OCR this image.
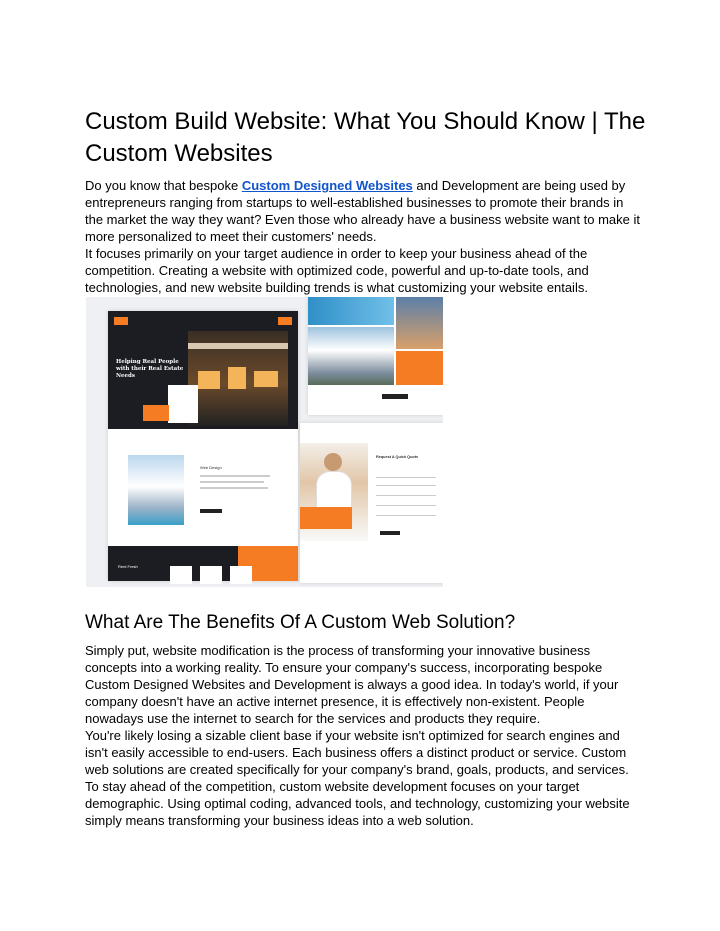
Custom Build Website: What You Should Know | The Custom Websites
Do you know that bespoke Custom Designed Websites and Development are being used by entrepreneurs ranging from startups to well-established businesses to promote their brands in the market the way they want? Even those who already have a business website want to make it more personalized to meet their customers' needs.
It focuses primarily on your target audience in order to keep your business ahead of the competition. Creating a website with optimized code, powerful and up-to-date tools, and technologies, and new website building trends is what customizing your website entails.
Helping Real People with their Real Estate Needs
Web Design
Rent Fresh
Request A Quick Quote
What Are The Benefits Of A Custom Web Solution?
Simply put, website modification is the process of transforming your innovative business concepts into a working reality. To ensure your company's success, incorporating bespoke Custom Designed Websites and Development is always a good idea. In today's world, if your company doesn't have an active internet presence, it is effectively non-existent. People nowadays use the internet to search for the services and products they require.
You're likely losing a sizable client base if your website isn't optimized for search engines and isn't easily accessible to end-users. Each business offers a distinct product or service. Custom web solutions are created specifically for your company's brand, goals, products, and services. To stay ahead of the competition, custom website development focuses on your target demographic. Using optimal coding, advanced tools, and technology, customizing your website simply means transforming your business ideas into a web solution.
